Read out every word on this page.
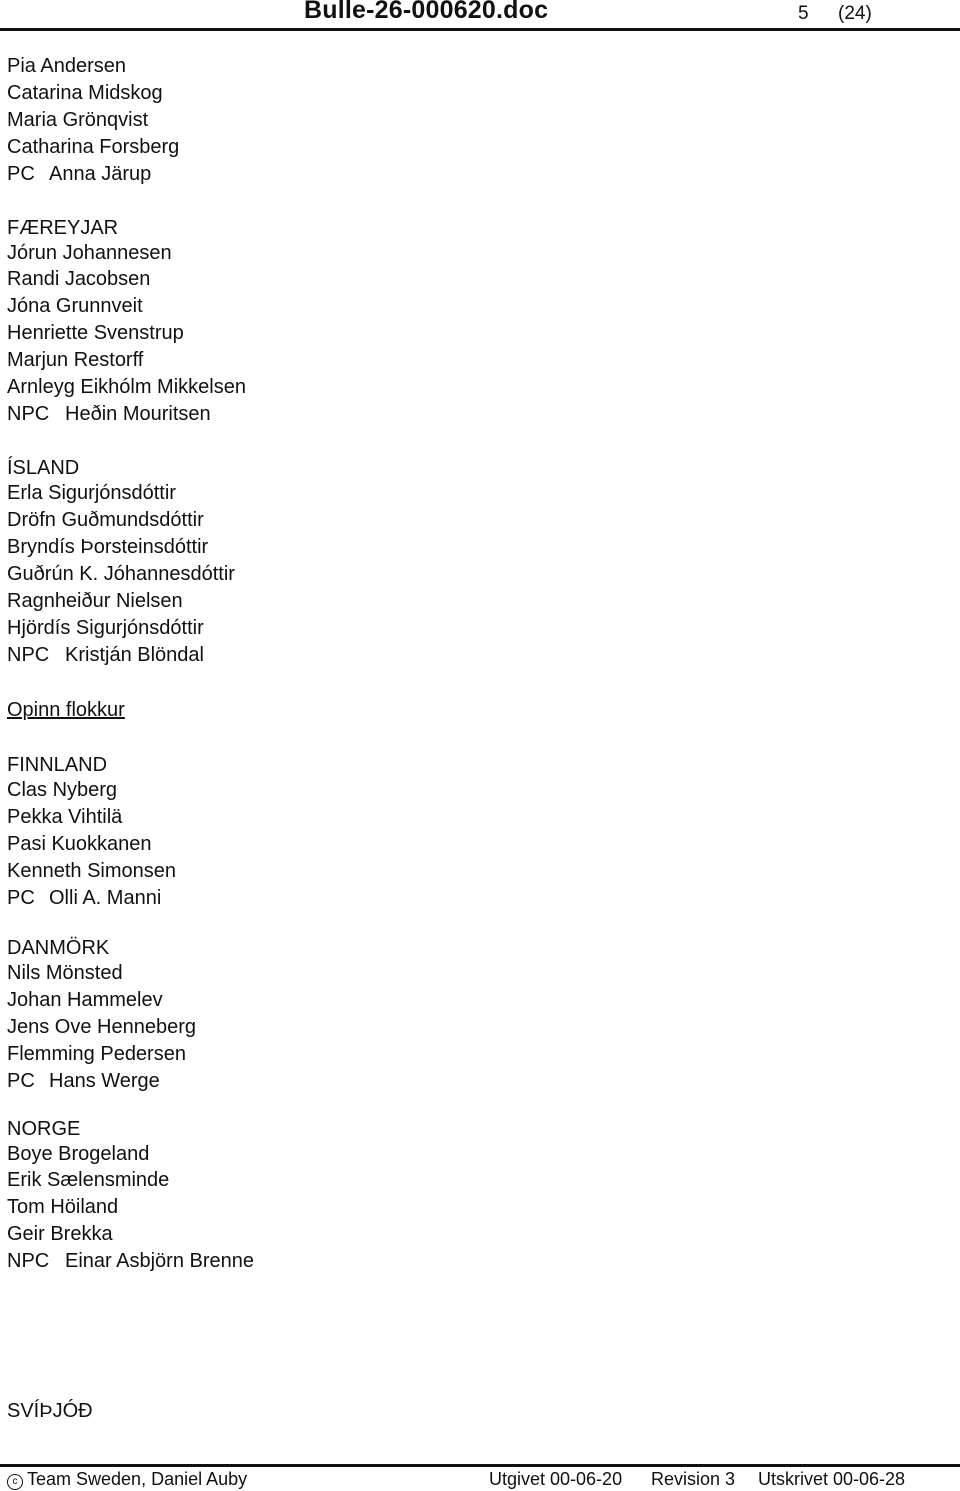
Bulle-26-000620.doc	5 (24)
Pia Andersen
Catarina Midskog
Maria Grönqvist
Catharina Forsberg
PC Anna Järup
FÆREYJAR
Jórun Johannesen
Randi Jacobsen
Jóna Grunnveit
Henriette Svenstrup
Marjun Restorff
Arnleyg Eikhólm Mikkelsen
NPC Heðin Mouritsen
ÍSLAND
Erla Sigurjónsdóttir
Dröfn Guðmundsdóttir
Bryndís Þorsteinsdóttir
Guðrún K. Jóhannesdóttir
Ragnheiður Nielsen
Hjördís Sigurjónsdóttir
NPC Kristján Blöndal
Opinn flokkur
FINNLAND
Clas Nyberg
Pekka Vihtilä
Pasi Kuokkanen
Kenneth Simonsen
PC Olli A. Manni
DANMÖRK
Nils Mönsted
Johan Hammelev
Jens Ove Henneberg
Flemming Pedersen
PC Hans Werge
NORGE
Boye Brogeland
Erik Sælensminde
Tom Höiland
Geir Brekka
NPC Einar Asbjörn Brenne
SVÍÞJÓÐ
c Team Sweden, Daniel Auby	Utgivet 00-06-20 Revision 3 Utskrivet 00-06-28
